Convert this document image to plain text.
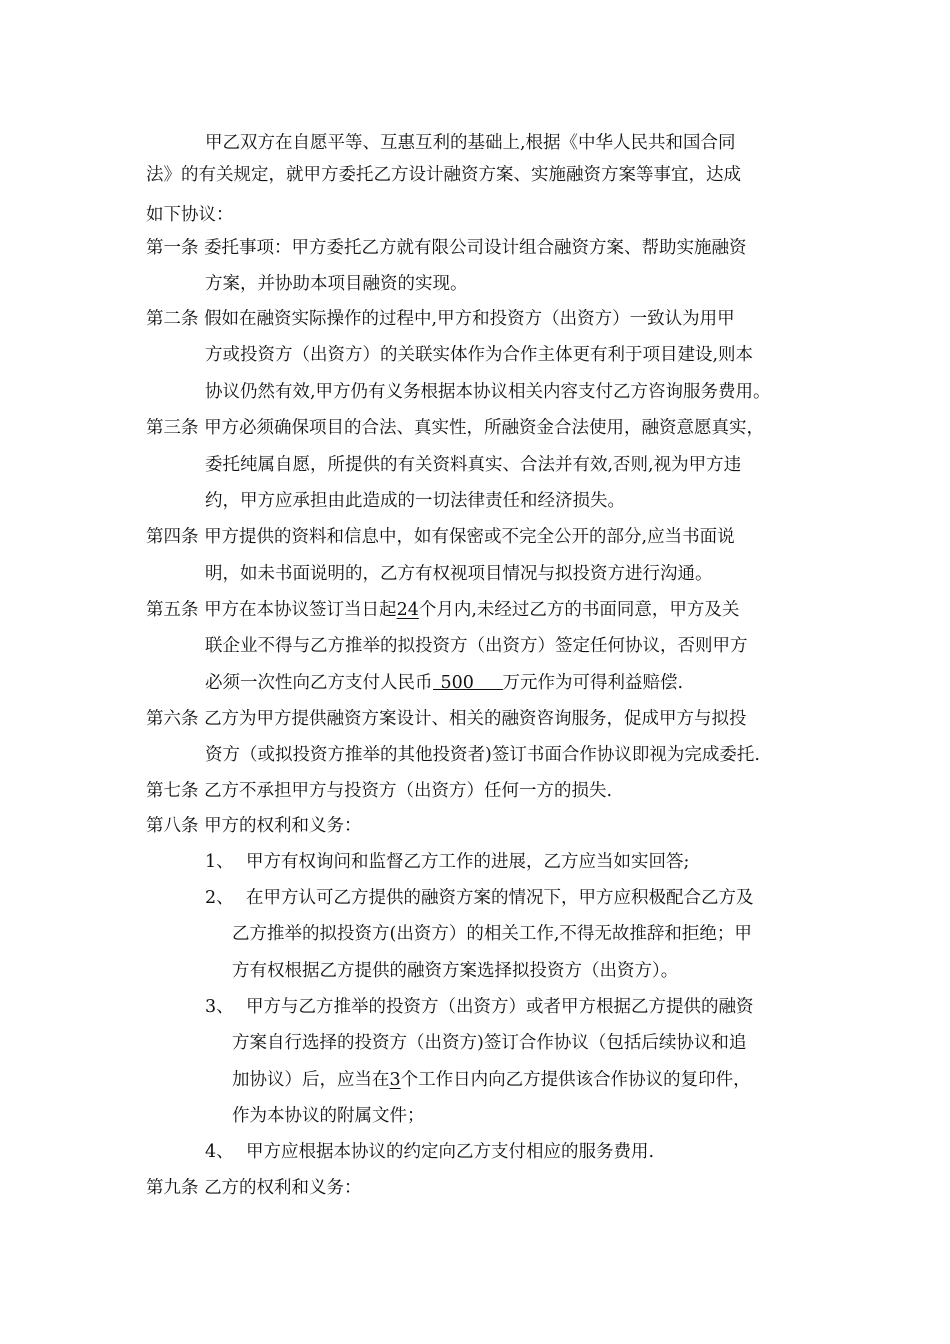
甲乙双方在自愿平等、互惠互利的基础上,根据《中华人民共和国合同
法》的有关规定，就甲方委托乙方设计融资方案、实施融资方案等事宜，达成
如下协议：
第一条 委托事项：甲方委托乙方就有限公司设计组合融资方案、帮助实施融资
方案，并协助本项目融资的实现。
第二条 假如在融资实际操作的过程中,甲方和投资方（出资方）一致认为用甲
方或投资方（出资方）的关联实体作为合作主体更有利于项目建设,则本
协议仍然有效,甲方仍有义务根据本协议相关内容支付乙方咨询服务费用。
第三条 甲方必须确保项目的合法、真实性，所融资金合法使用，融资意愿真实，
委托纯属自愿，所提供的有关资料真实、合法并有效,否则,视为甲方违
约，甲方应承担由此造成的一切法律责任和经济损失。
第四条 甲方提供的资料和信息中，如有保密或不完全公开的部分,应当书面说
明，如未书面说明的，乙方有权视项目情况与拟投资方进行沟通。
第五条 甲方在本协议签订当日起24个月内,未经过乙方的书面同意，甲方及关
联企业不得与乙方推举的拟投资方（出资方）签定任何协议，否则甲方
必须一次性向乙方支付人民币 500 万元作为可得利益赔偿.
第六条 乙方为甲方提供融资方案设计、相关的融资咨询服务，促成甲方与拟投
资方（或拟投资方推举的其他投资者)签订书面合作协议即视为完成委托.
第七条 乙方不承担甲方与投资方（出资方）任何一方的损失.
第八条 甲方的权利和义务：
1、 甲方有权询问和监督乙方工作的进展，乙方应当如实回答;
2、 在甲方认可乙方提供的融资方案的情况下，甲方应积极配合乙方及
乙方推举的拟投资方(出资方）的相关工作,不得无故推辞和拒绝；甲
方有权根据乙方提供的融资方案选择拟投资方（出资方）。
3、 甲方与乙方推举的投资方（出资方）或者甲方根据乙方提供的融资
方案自行选择的投资方（出资方)签订合作协议（包括后续协议和追
加协议）后，应当在3个工作日内向乙方提供该合作协议的复印件，
作为本协议的附属文件；
4、 甲方应根据本协议的约定向乙方支付相应的服务费用.
第九条 乙方的权利和义务：
